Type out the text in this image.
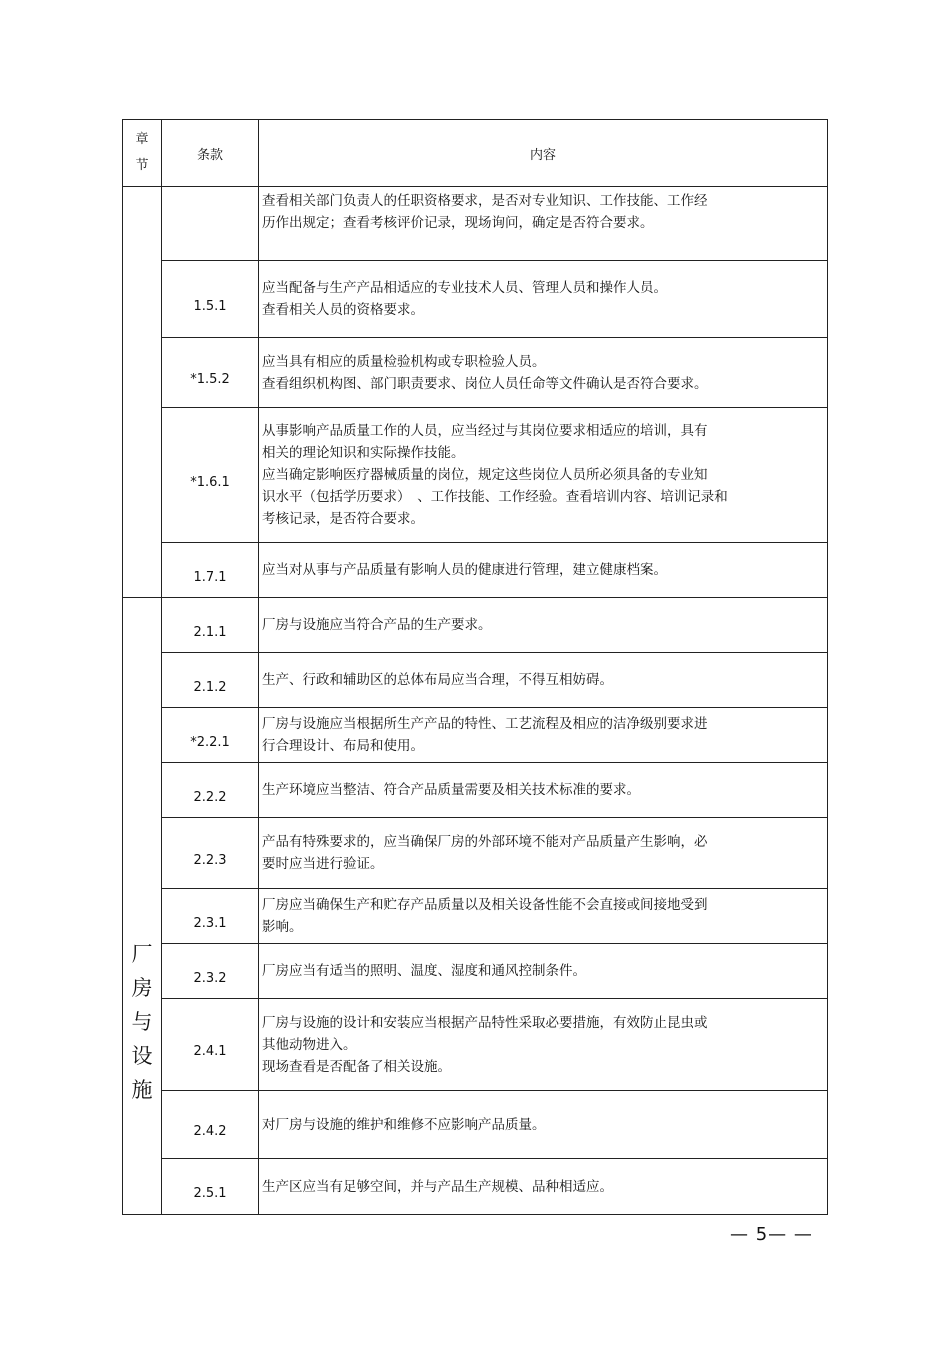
章
节	条款	内容

		查看相关部门负责人的任职资格要求，是否对专业知识、工作技能、工作经

历作出规定；查看考核评价记录，现场询问，确定是否符合要求。

	1.5.1	应当配备与生产产品相适应的专业技术人员、管理人员和操作人员。

查看相关人员的资格要求。

	*1.5.2	应当具有相应的质量检验机构或专职检验人员。

查看组织机构图、部门职责要求、岗位人员任命等文件确认是否符合要求。

	*1.6.1	从事影响产品质量工作的人员，应当经过与其岗位要求相适应的培训，具有

相关的理论知识和实际操作技能。

应当确定影响医疗器械质量的岗位，规定这些岗位人员所必须具备的专业知

识水平（包括学历要求）　、工作技能、工作经验。查看培训内容、培训记录和

考核记录，是否符合要求。

	1.7.1	应当对从事与产品质量有影响人员的健康进行管理，建立健康档案。

厂
房
与
设
施	2.1.1	厂房与设施应当符合产品的生产要求。

	2.1.2	生产、行政和辅助区的总体布局应当合理，不得互相妨碍。

	*2.2.1	厂房与设施应当根据所生产产品的特性、工艺流程及相应的洁净级别要求进

行合理设计、布局和使用。

	2.2.2	生产环境应当整洁、符合产品质量需要及相关技术标准的要求。

	2.2.3	产品有特殊要求的，应当确保厂房的外部环境不能对产品质量产生影响，必

要时应当进行验证。

	2.3.1	厂房应当确保生产和贮存产品质量以及相关设备性能不会直接或间接地受到

影响。

	2.3.2	厂房应当有适当的照明、温度、湿度和通风控制条件。

	2.4.1	厂房与设施的设计和安装应当根据产品特性采取必要措施，有效防止昆虫或

其他动物进入。

现场查看是否配备了相关设施。

	2.4.2	对厂房与设施的维护和维修不应影响产品质量。

	2.5.1	生产区应当有足够空间，并与产品生产规模、品种相适应。

— 5— —
